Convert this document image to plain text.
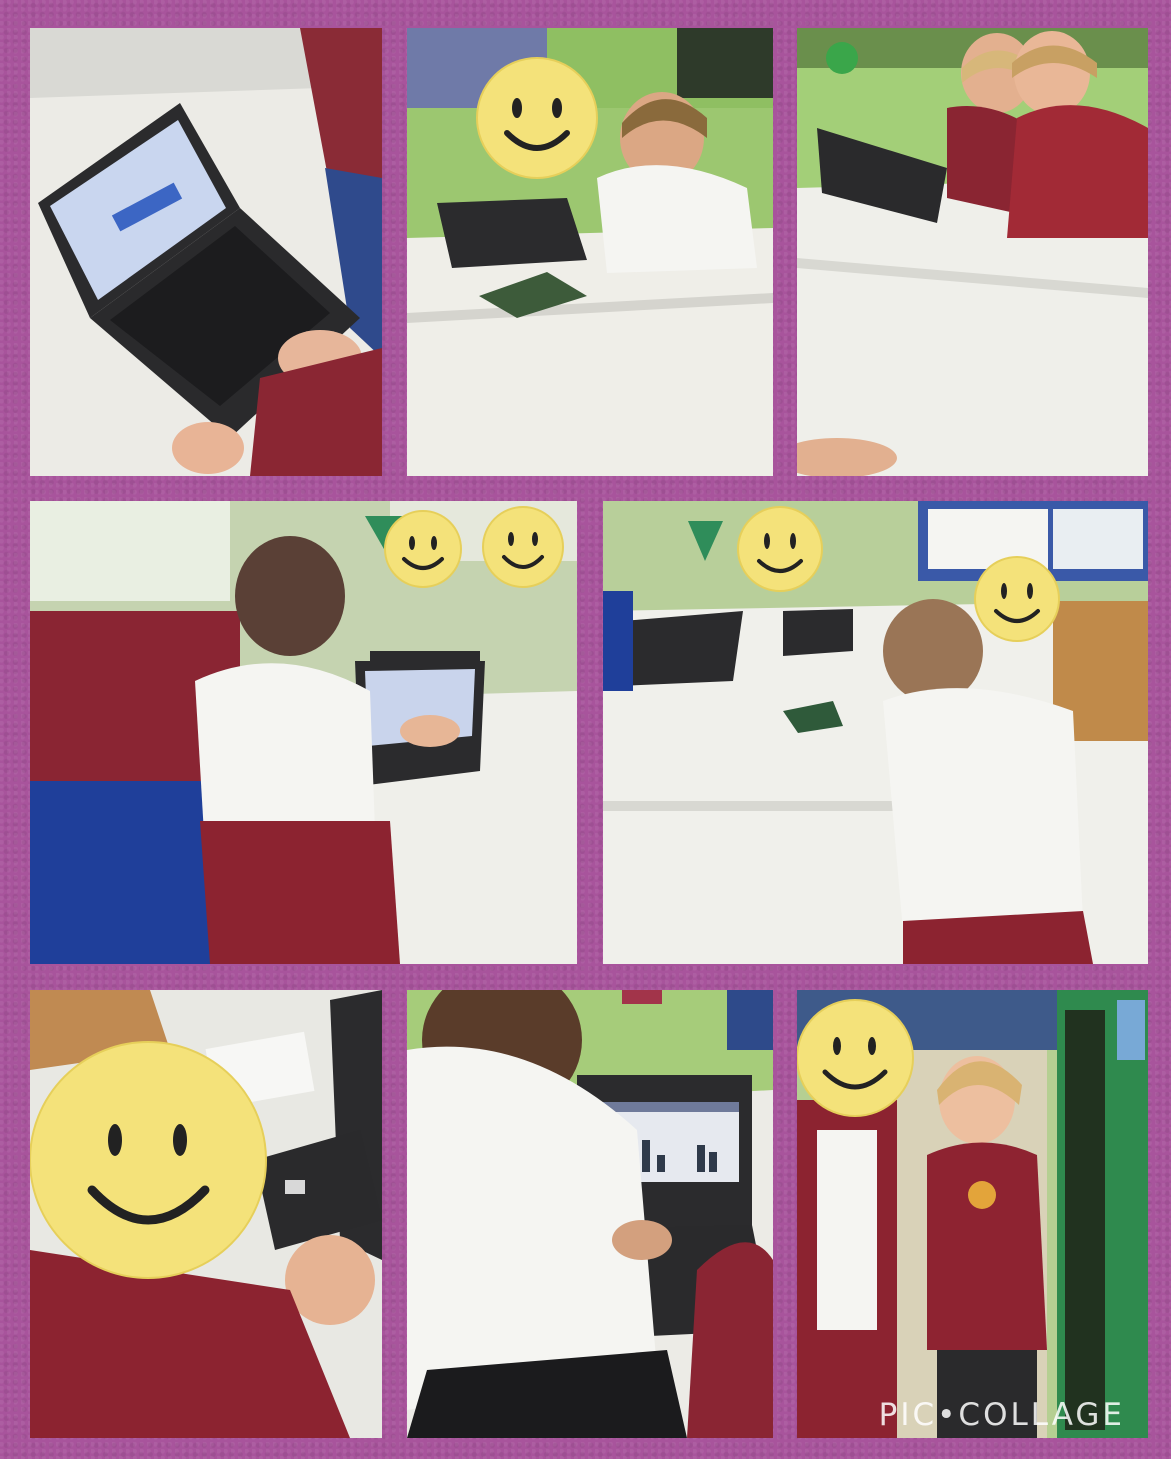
PIC•COLLAGE
